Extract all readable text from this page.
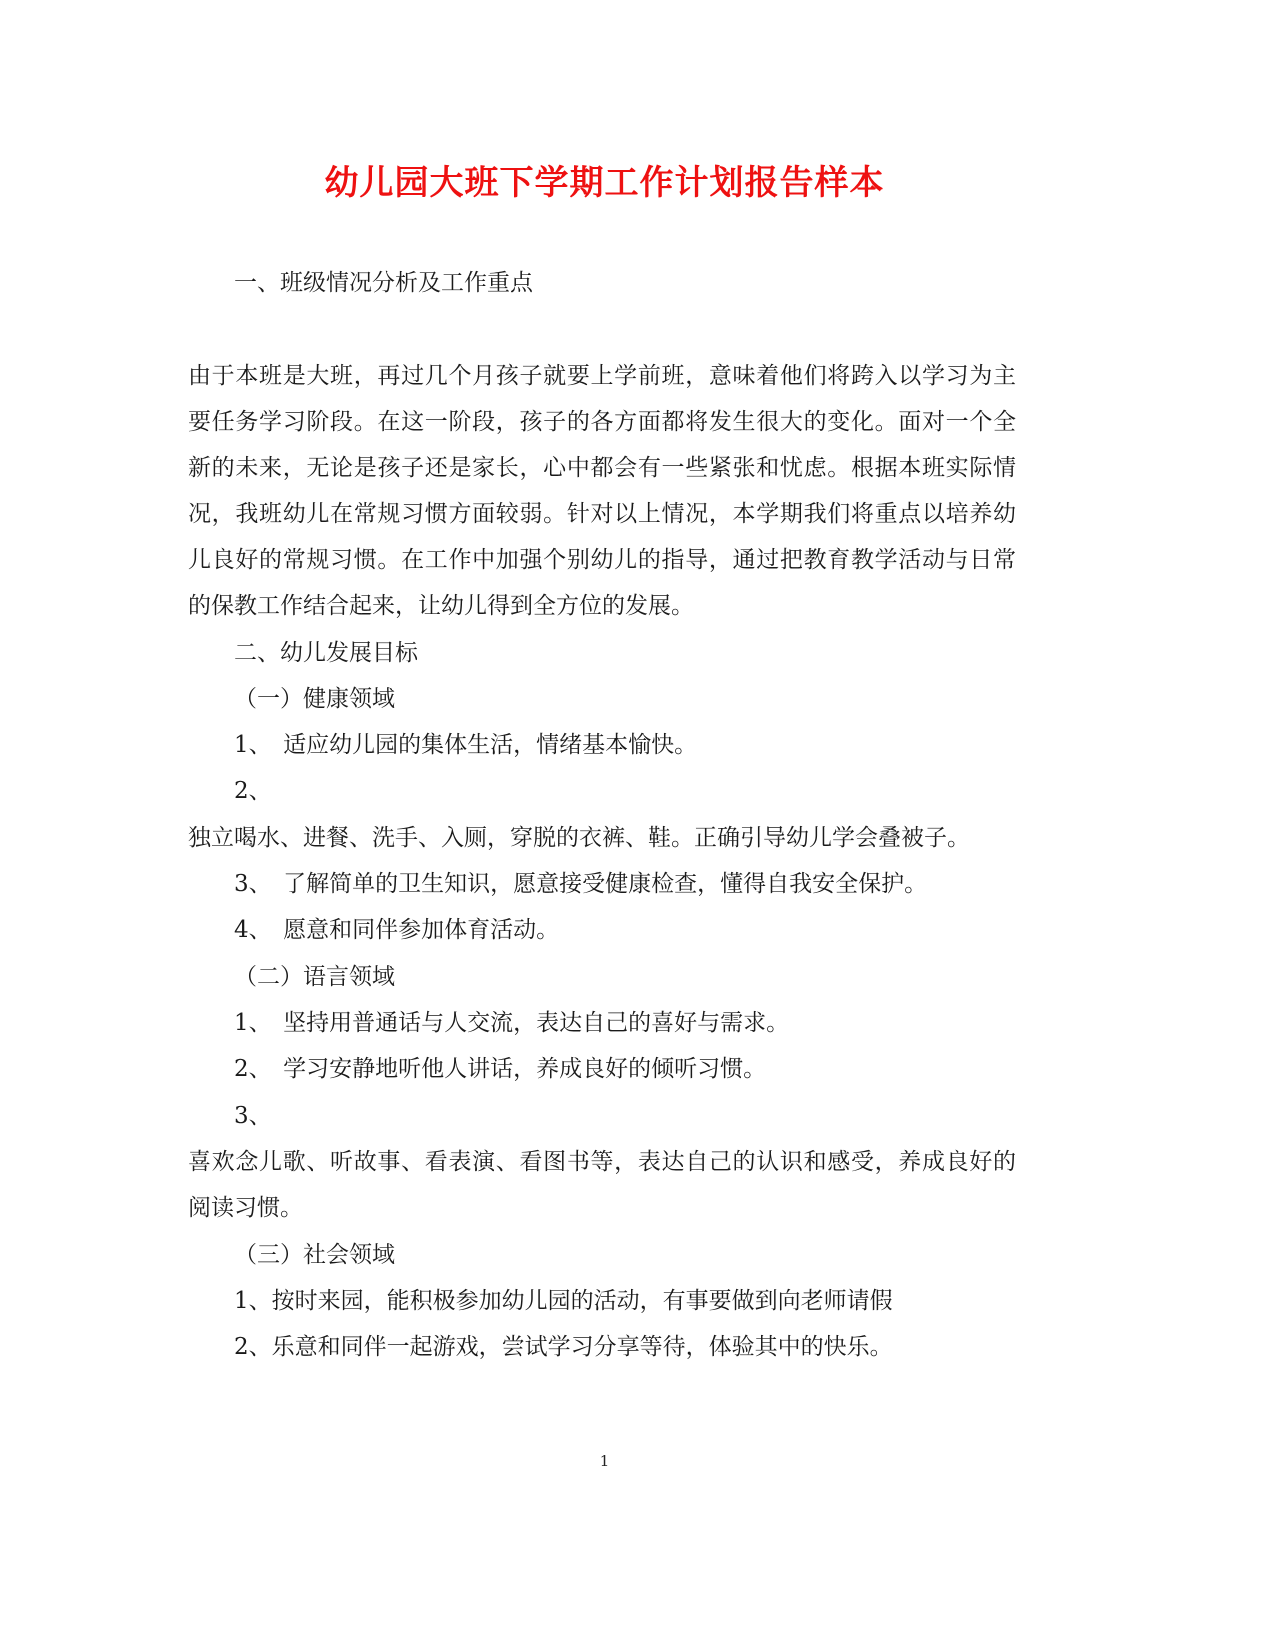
幼儿园大班下学期工作计划报告样本
一、班级情况分析及工作重点
由于本班是大班，再过几个月孩子就要上学前班，意味着他们将跨入以学习为主
要任务学习阶段。在这一阶段，孩子的各方面都将发生很大的变化。面对一个全
新的未来，无论是孩子还是家长，心中都会有一些紧张和忧虑。根据本班实际情
况，我班幼儿在常规习惯方面较弱。针对以上情况，本学期我们将重点以培养幼
儿良好的常规习惯。在工作中加强个别幼儿的指导，通过把教育教学活动与日常
的保教工作结合起来，让幼儿得到全方位的发展。
二、幼儿发展目标
（一）健康领域
1、　适应幼儿园的集体生活，情绪基本愉快。
2、
独立喝水、进餐、洗手、入厕，穿脱的衣裤、鞋。正确引导幼儿学会叠被子。
3、　了解简单的卫生知识，愿意接受健康检查，懂得自我安全保护。
4、　愿意和同伴参加体育活动。
（二）语言领域
1、　坚持用普通话与人交流，表达自己的喜好与需求。
2、　学习安静地听他人讲话，养成良好的倾听习惯。
3、
喜欢念儿歌、听故事、看表演、看图书等，表达自己的认识和感受，养成良好的
阅读习惯。
（三）社会领域
1、按时来园，能积极参加幼儿园的活动，有事要做到向老师请假
2、乐意和同伴一起游戏，尝试学习分享等待，体验其中的快乐。
1
